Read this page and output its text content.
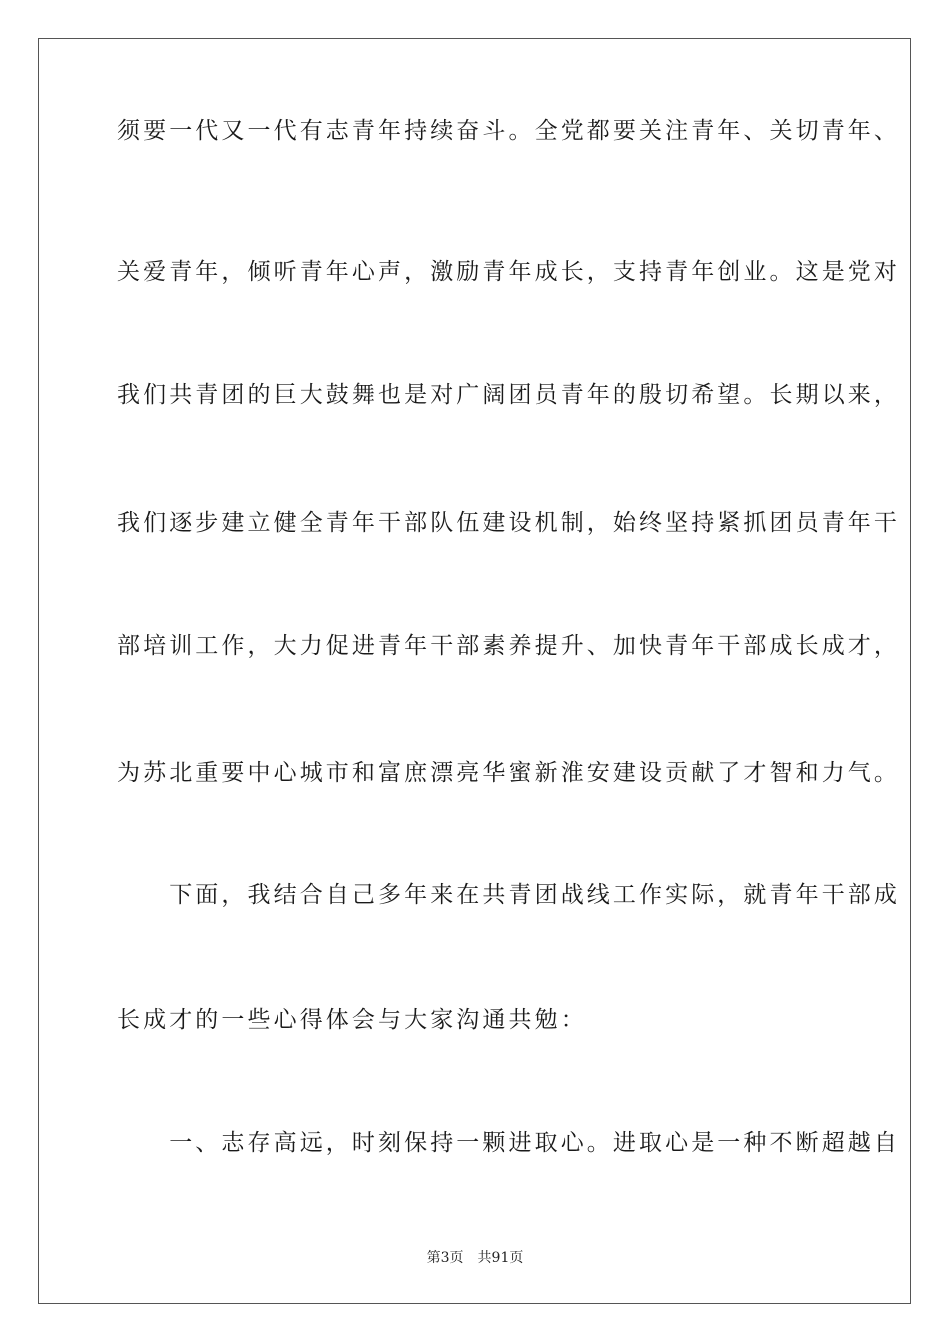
须要一代又一代有志青年持续奋斗。全党都要关注青年、关切青年、
关爱青年，倾听青年心声，激励青年成长，支持青年创业。这是党对
我们共青团的巨大鼓舞也是对广阔团员青年的殷切希望。长期以来，
我们逐步建立健全青年干部队伍建设机制，始终坚持紧抓团员青年干
部培训工作，大力促进青年干部素养提升、加快青年干部成长成才，
为苏北重要中心城市和富庶漂亮华蜜新淮安建设贡献了才智和力气。
　　下面，我结合自己多年来在共青团战线工作实际，就青年干部成
长成才的一些心得体会与大家沟通共勉：
　　一、志存高远，时刻保持一颗进取心。进取心是一种不断超越自
第3页　共91页
